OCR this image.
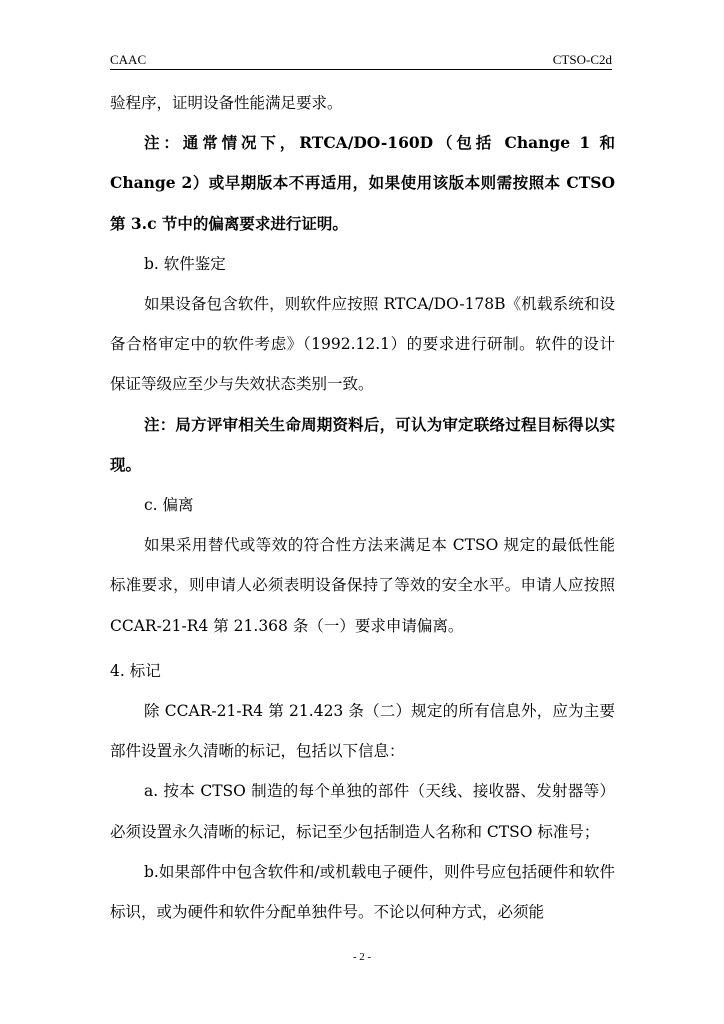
CAAC	CTSO-C2d

验程序，证明设备性能满足要求。

注：通常情况下，RTCA/DO-160D（包括 Change 1 和 Change 2）或早期版本不再适用，如果使用该版本则需按照本 CTSO 第 3.c 节中的偏离要求进行证明。

b. 软件鉴定

如果设备包含软件，则软件应按照 RTCA/DO-178B《机载系统和设备合格审定中的软件考虑》（1992.12.1）的要求进行研制。软件的设计保证等级应至少与失效状态类别一致。

注：局方评审相关生命周期资料后，可认为审定联络过程目标得以实现。

c. 偏离

如果采用替代或等效的符合性方法来满足本 CTSO 规定的最低性能标准要求，则申请人必须表明设备保持了等效的安全水平。申请人应按照 CCAR-21-R4 第 21.368 条（一）要求申请偏离。

4. 标记

除 CCAR-21-R4 第 21.423 条（二）规定的所有信息外，应为主要部件设置永久清晰的标记，包括以下信息：

a. 按本 CTSO 制造的每个单独的部件（天线、接收器、发射器等）必须设置永久清晰的标记，标记至少包括制造人名称和 CTSO 标准号；

b.如果部件中包含软件和/或机载电子硬件，则件号应包括硬件和软件标识，或为硬件和软件分配单独件号。不论以何种方式，必须能

- 2 -
